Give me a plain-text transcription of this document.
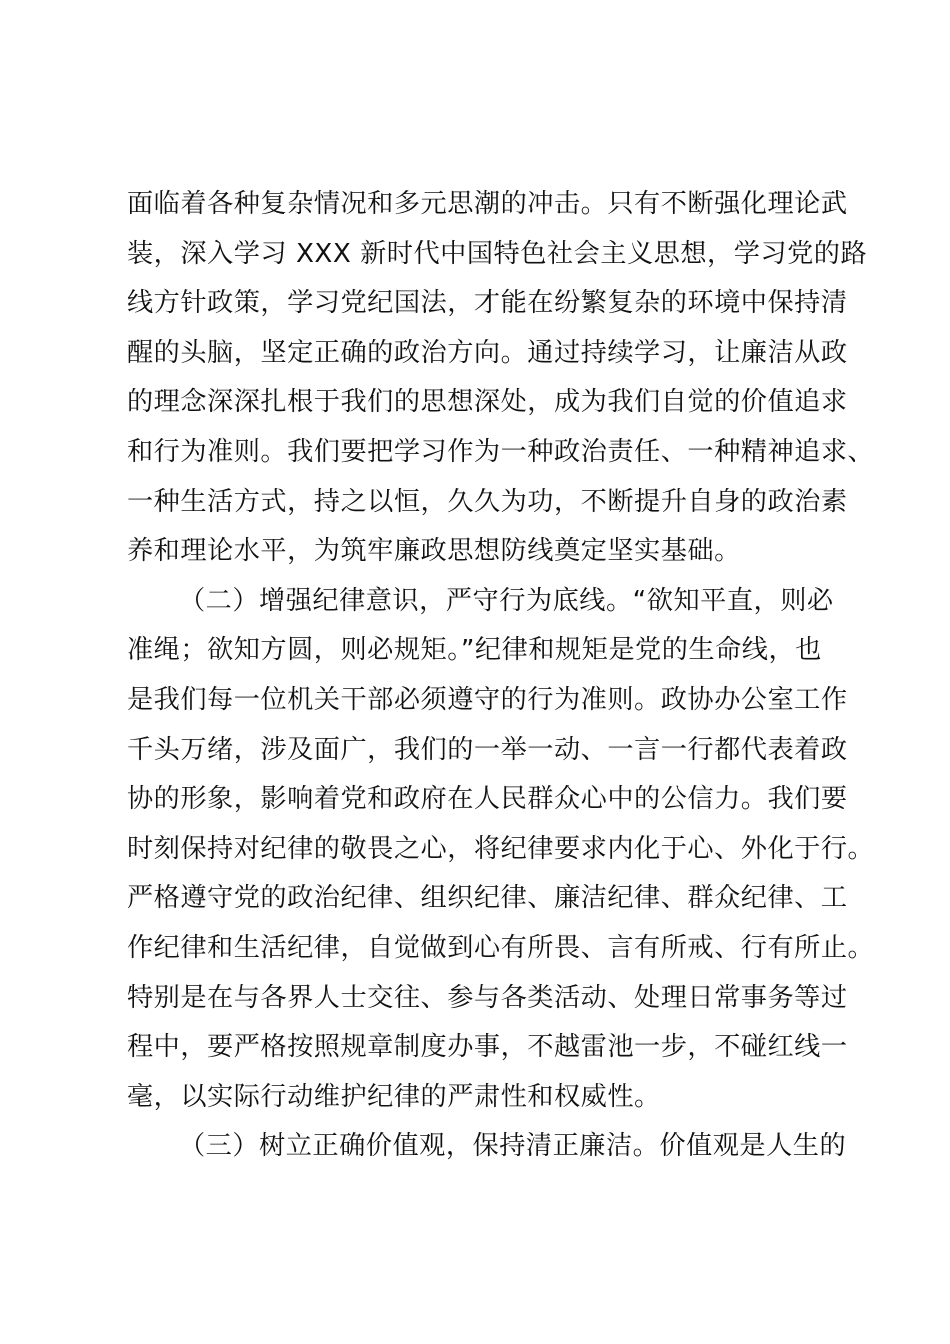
面临着各种复杂情况和多元思潮的冲击。只有不断强化理论武
装，深入学习 XXX 新时代中国特色社会主义思想，学习党的路
线方针政策，学习党纪国法，才能在纷繁复杂的环境中保持清
醒的头脑，坚定正确的政治方向。通过持续学习，让廉洁从政
的理念深深扎根于我们的思想深处，成为我们自觉的价值追求
和行为准则。我们要把学习作为一种政治责任、一种精神追求、
一种生活方式，持之以恒，久久为功，不断提升自身的政治素
养和理论水平，为筑牢廉政思想防线奠定坚实基础。
（二）增强纪律意识，严守行为底线。“欲知平直，则必
准绳；欲知方圆，则必规矩。”纪律和规矩是党的生命线，也
是我们每一位机关干部必须遵守的行为准则。政协办公室工作
千头万绪，涉及面广，我们的一举一动、一言一行都代表着政
协的形象，影响着党和政府在人民群众心中的公信力。我们要
时刻保持对纪律的敬畏之心，将纪律要求内化于心、外化于行。
严格遵守党的政治纪律、组织纪律、廉洁纪律、群众纪律、工
作纪律和生活纪律，自觉做到心有所畏、言有所戒、行有所止。
特别是在与各界人士交往、参与各类活动、处理日常事务等过
程中，要严格按照规章制度办事，不越雷池一步，不碰红线一
毫，以实际行动维护纪律的严肃性和权威性。
（三）树立正确价值观，保持清正廉洁。价值观是人生的
